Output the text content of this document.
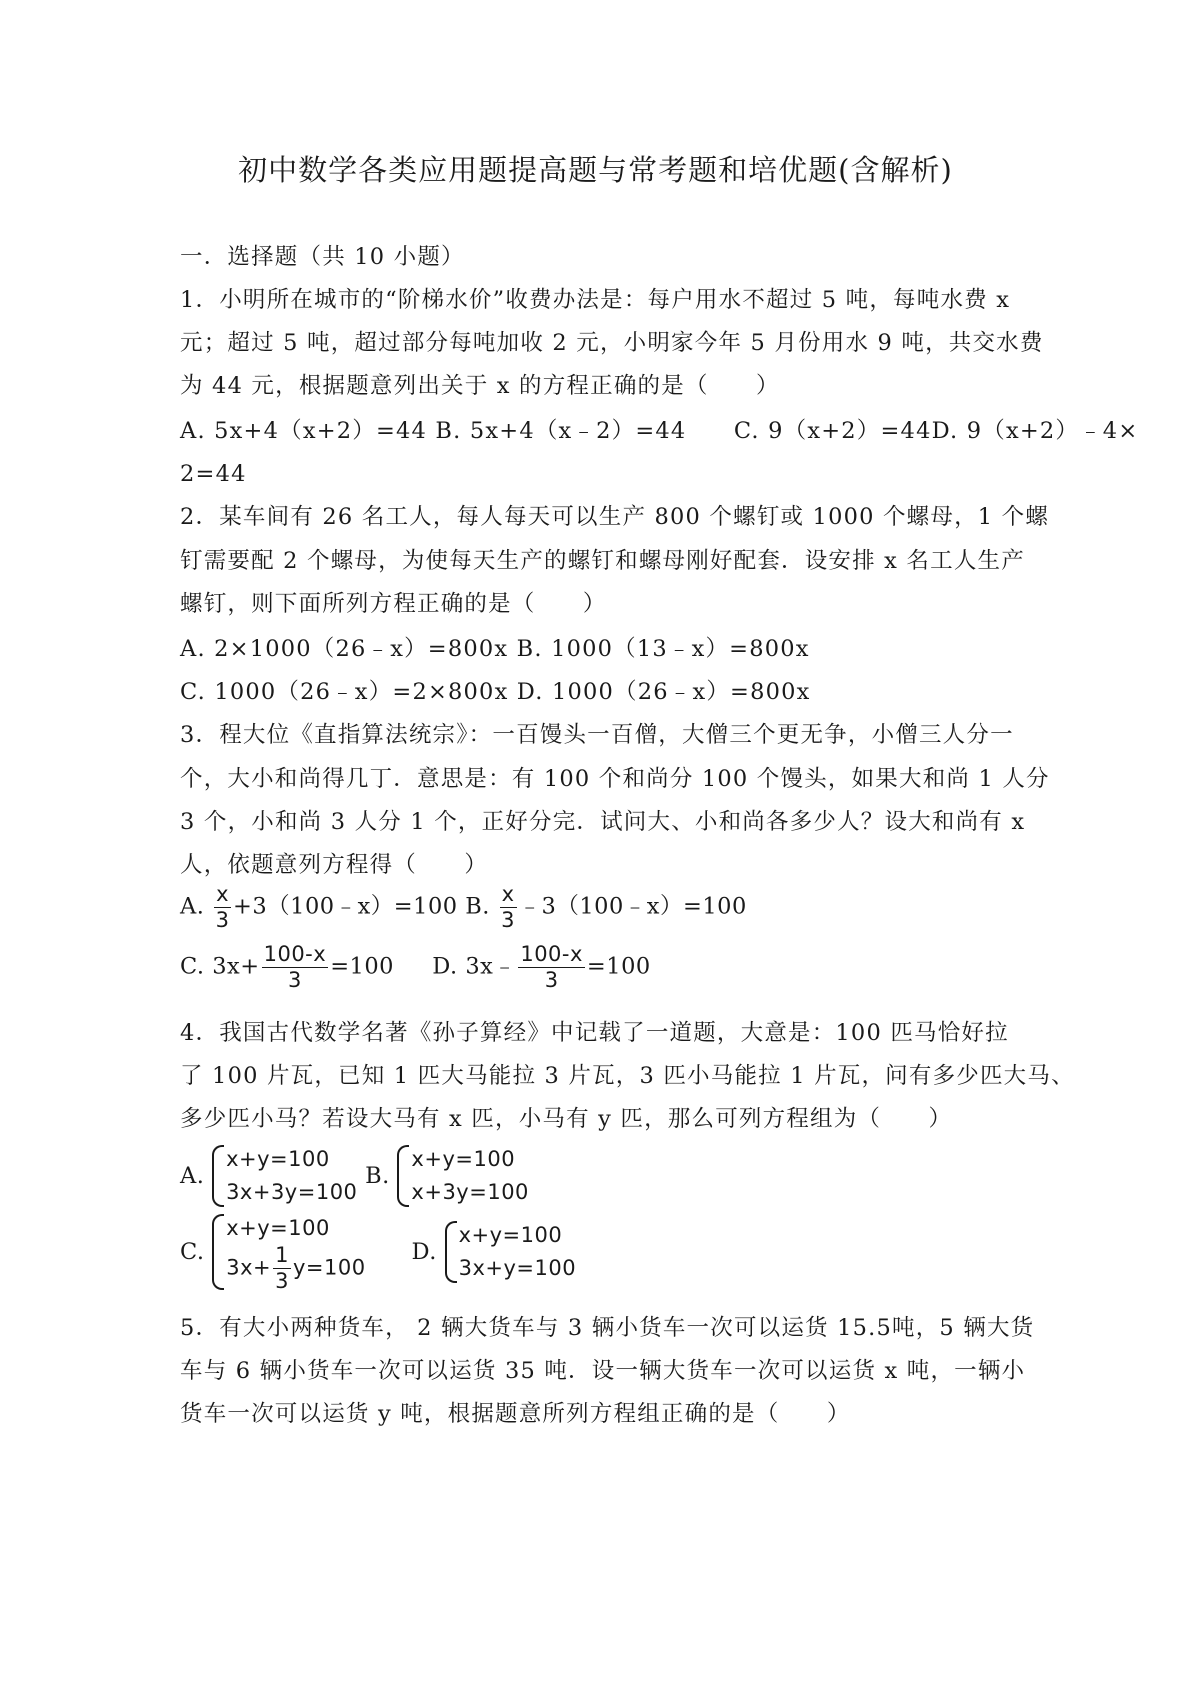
初中数学各类应用题提高题与常考题和培优题(含解析)
一．选择题（共 10 小题）
1．小明所在城市的“阶梯水价”收费办法是：每户用水不超过 5 吨，每吨水费 x
元；超过 5 吨，超过部分每吨加收 2 元，小明家今年 5 月份用水 9 吨，共交水费
为 44 元，根据题意列出关于 x 的方程正确的是（　　）
A. 5x+4（x+2）=44 B. 5x+4（x﹣2）=44　　C. 9（x+2）=44D. 9（x+2）﹣4×
2=44
2．某车间有 26 名工人，每人每天可以生产 800 个螺钉或 1000 个螺母，1 个螺
钉需要配 2 个螺母，为使每天生产的螺钉和螺母刚好配套．设安排 x 名工人生产
螺钉，则下面所列方程正确的是（　　）
A. 2×1000（26﹣x）=800x B. 1000（13﹣x）=800x
C. 1000（26﹣x）=2×800x D. 1000（26﹣x）=800x
3．程大位《直指算法统宗》：一百馒头一百僧，大僧三个更无争，小僧三人分一
个，大小和尚得几丁．意思是：有 100 个和尚分 100 个馒头，如果大和尚 1 人分
3 个，小和尚 3 人分 1 个，正好分完．试问大、小和尚各多少人？设大和尚有 x
人，依题意列方程得（　　）
A. $\frac{x}{3}$ +3（100﹣x）=100 B. $\frac{x}{3}$ ﹣3（100﹣x）=100
C. $3x+ \frac{100-x}{3} =100$ D. 3x﹣ $\frac{100-x}{3} =100$
4．我国古代数学名著《孙子算经》中记载了一道题，大意是：100 匹马恰好拉
了 100 片瓦，已知 1 匹大马能拉 3 片瓦，3 匹小马能拉 1 片瓦，问有多少匹大马、
多少匹小马？若设大马有 x 匹，小马有 y 匹，那么可列方程组为（　　）
A.
x+y=100
3x+3y=100
B.
x+y=100
x+3y=100
C.
x+y=100
$3x+ \frac{1}{3} y=100$
D.
x+y=100
3x+y=100
5．有大小两种货车， 2 辆大货车与 3 辆小货车一次可以运货 15.5吨，5 辆大货
车与 6 辆小货车一次可以运货 35 吨．设一辆大货车一次可以运货 x 吨，一辆小
货车一次可以运货 y 吨，根据题意所列方程组正确的是（　　）
